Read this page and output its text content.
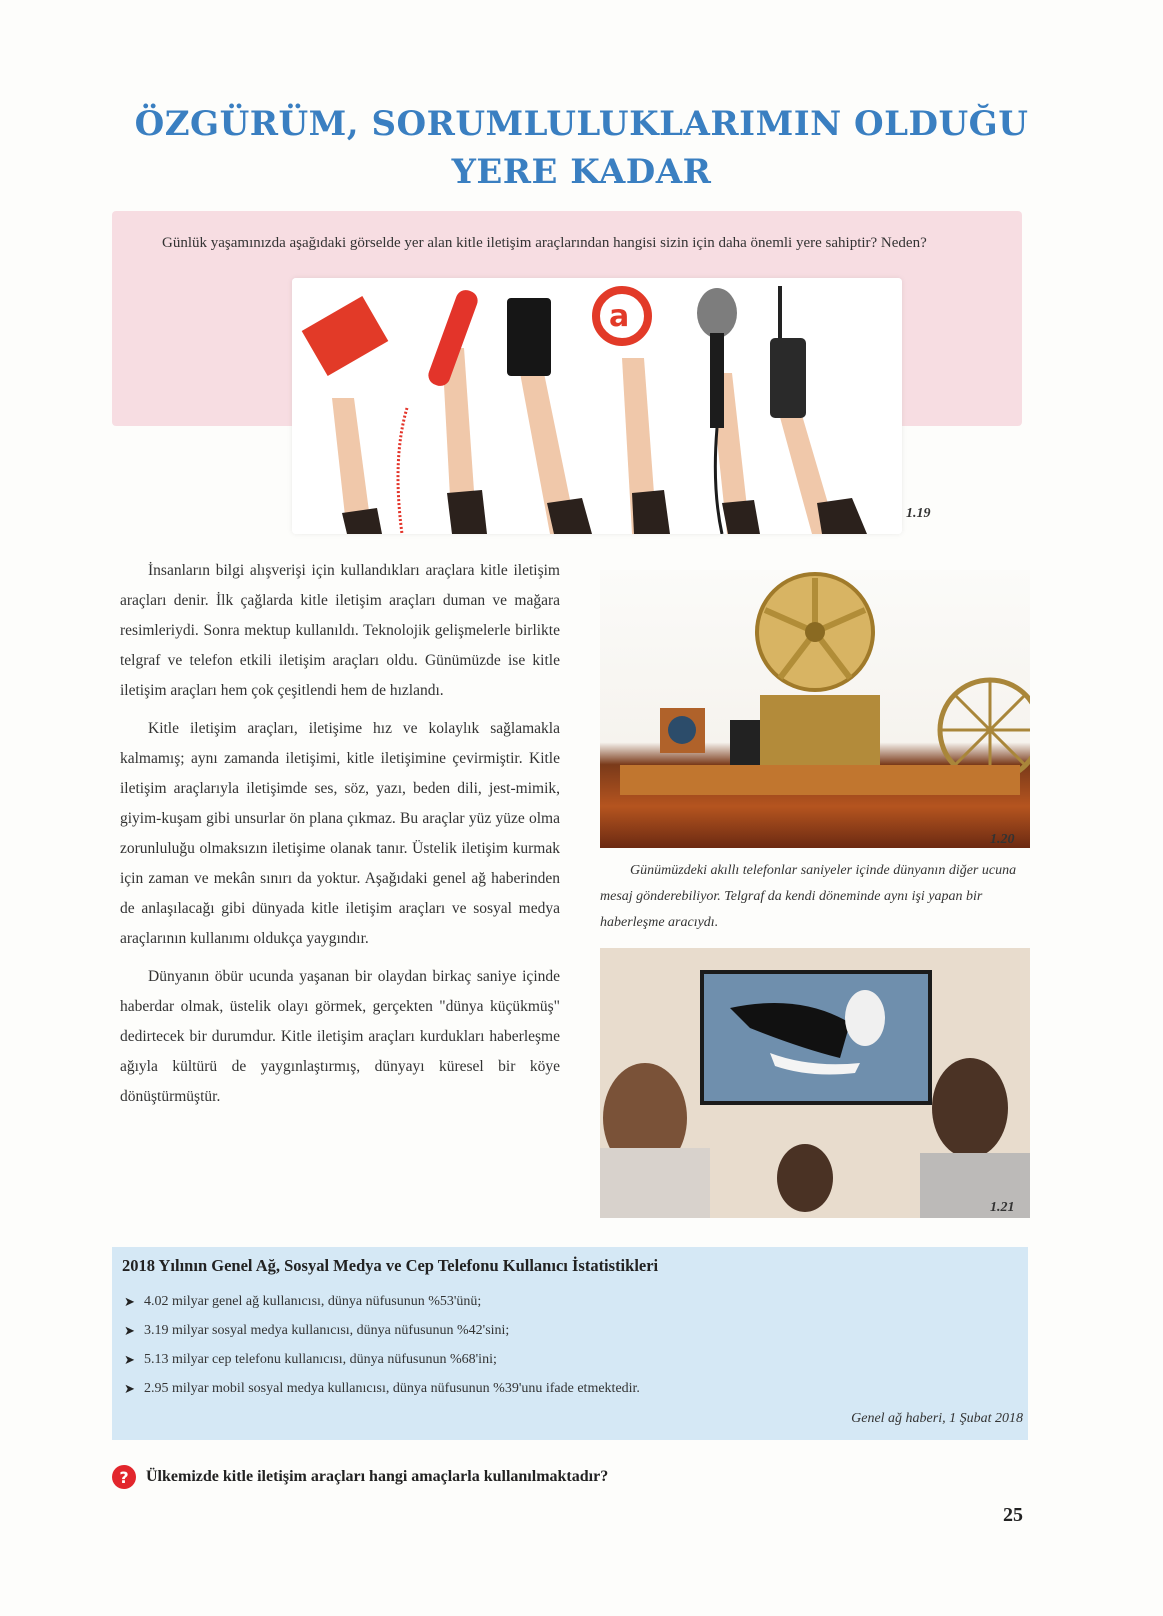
ÖZGÜRÜM, SORUMLULUKLARIMIN OLDUĞU
YERE KADAR
Günlük yaşamınızda aşağıdaki görselde yer alan kitle iletişim araçlarından hangisi sizin için daha önemli yere sahiptir? Neden?
a
1.19

İnsanların bilgi alışverişi için kullandıkları araçlara kitle iletişim araçları denir. İlk çağlarda kitle iletişim araçları duman ve mağara resimleriydi. Sonra mektup kullanıldı. Teknolojik gelişmelerle birlikte telgraf ve telefon etkili iletişim araçları oldu. Günümüzde ise kitle iletişim araçları hem çok çeşitlendi hem de hızlandı.

Kitle iletişim araçları, iletişime hız ve kolaylık sağlamakla kalmamış; aynı zamanda iletişimi, kitle iletişimine çevirmiştir. Kitle iletişim araçlarıyla iletişimde ses, söz, yazı, beden dili, jest-mimik, giyim-kuşam gibi unsurlar ön plana çıkmaz. Bu araçlar yüz yüze olma zorunluluğu olmaksızın iletişime olanak tanır. Üstelik iletişim kurmak için zaman ve mekân sınırı da yoktur. Aşağıdaki genel ağ haberinden de anlaşılacağı gibi dünyada kitle iletişim araçları ve sosyal medya araçlarının kullanımı oldukça yaygındır.

Dünyanın öbür ucunda yaşanan bir olaydan birkaç saniye içinde haberdar olmak, üstelik olayı görmek, gerçekten "dünya küçükmüş" dedirtecek bir durumdur. Kitle iletişim araçları kurdukları haberleşme ağıyla kültürü de yaygınlaştırmış, dünyayı küresel bir köye dönüştürmüştür.

1.20
Günümüzdeki akıllı telefonlar saniyeler içinde dünyanın diğer ucuna mesaj gönderebiliyor. Telgraf da kendi döneminde aynı işi yapan bir haberleşme aracıydı.
1.21
2018 Yılının Genel Ağ, Sosyal Medya ve Cep Telefonu Kullanıcı İstatistikleri
➤ 4.02 milyar genel ağ kullanıcısı, dünya nüfusunun %53'ünü;
➤ 3.19 milyar sosyal medya kullanıcısı, dünya nüfusunun %42'sini;
➤ 5.13 milyar cep telefonu kullanıcısı, dünya nüfusunun %68'ini;
➤ 2.95 milyar mobil sosyal medya kullanıcısı, dünya nüfusunun %39'unu ifade etmektedir.
Genel ağ haberi, 1 Şubat 2018
?	Ülkemizde kitle iletişim araçları hangi amaçlarla kullanılmaktadır?
25
